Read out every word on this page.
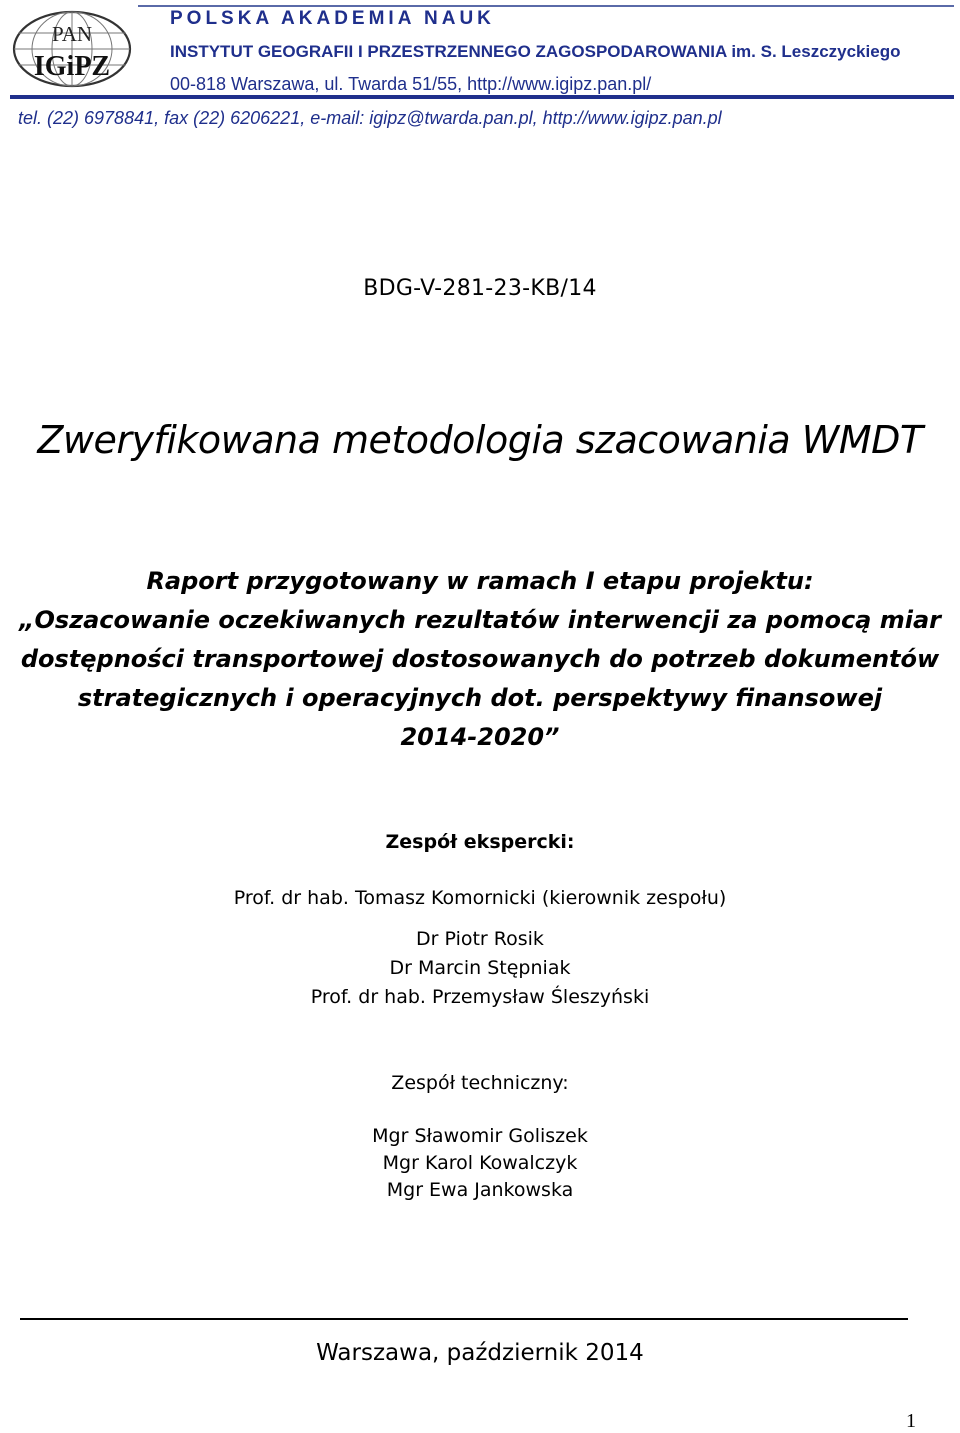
PAN
IGiPZ
POLSKA AKADEMIA NAUK
INSTYTUT GEOGRAFII I PRZESTRZENNEGO ZAGOSPODAROWANIA im. S. Leszczyckiego
00-818 Warszawa, ul. Twarda 51/55, http://www.igipz.pan.pl/
tel. (22) 6978841, fax (22) 6206221, e-mail: igipz@twarda.pan.pl, http://www.igipz.pan.pl
BDG-V-281-23-KB/14
Zweryfikowana metodologia szacowania WMDT
Raport przygotowany w ramach I etapu projektu:
„Oszacowanie oczekiwanych rezultatów interwencji za pomocą miar
dostępności transportowej dostosowanych do potrzeb dokumentów
strategicznych i operacyjnych dot. perspektywy finansowej
2014-2020”
Zespół ekspercki:
Prof. dr hab. Tomasz Komornicki (kierownik zespołu)
Dr Piotr Rosik
Dr Marcin Stępniak
Prof. dr hab. Przemysław Śleszyński
Zespół techniczny:
Mgr Sławomir Goliszek
Mgr Karol Kowalczyk
Mgr Ewa Jankowska
Warszawa, październik 2014
1
